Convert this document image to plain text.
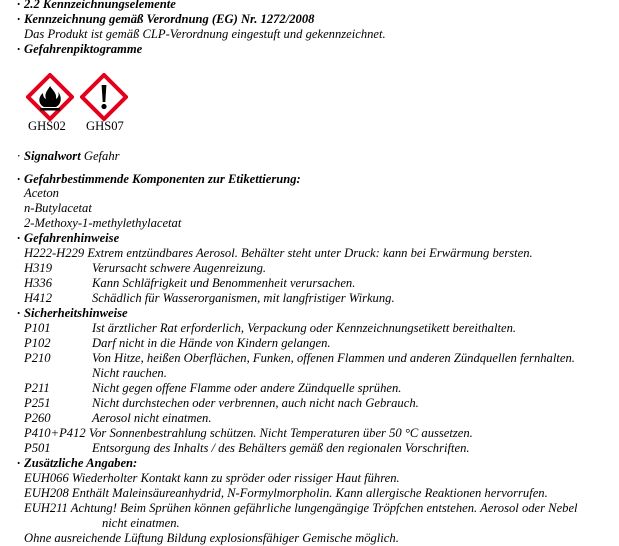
· 2.2 Kennzeichnungselemente
· Kennzeichnung gemäß Verordnung (EG) Nr. 1272/2008
Das Produkt ist gemäß CLP-Verordnung eingestuft und gekennzeichnet.
· Gefahrenpiktogramme
GHS02 GHS07
· Signalwort Gefahr
· Gefahrbestimmende Komponenten zur Etikettierung:
Aceton
n-Butylacetat
2-Methoxy-1-methylethylacetat
· Gefahrenhinweise
H222-H229 Extrem entzündbares Aerosol. Behälter steht unter Druck: kann bei Erwärmung bersten.
H319	Verursacht schwere Augenreizung.
H336	Kann Schläfrigkeit und Benommenheit verursachen.
H412	Schädlich für Wasserorganismen, mit langfristiger Wirkung.
· Sicherheitshinweise
P101	Ist ärztlicher Rat erforderlich, Verpackung oder Kennzeichnungsetikett bereithalten.
P102	Darf nicht in die Hände von Kindern gelangen.
P210	Von Hitze, heißen Oberflächen, Funken, offenen Flammen und anderen Zündquellen fernhalten.
Nicht rauchen.
P211	Nicht gegen offene Flamme oder andere Zündquelle sprühen.
P251	Nicht durchstechen oder verbrennen, auch nicht nach Gebrauch.
P260	Aerosol nicht einatmen.
P410+P412 Vor Sonnenbestrahlung schützen. Nicht Temperaturen über 50 °C aussetzen.
P501	Entsorgung des Inhalts / des Behälters gemäß den regionalen Vorschriften.
· Zusätzliche Angaben:
EUH066 Wiederholter Kontakt kann zu spröder oder rissiger Haut führen.
EUH208 Enthält Maleinsäureanhydrid, N-Formylmorpholin. Kann allergische Reaktionen hervorrufen.
EUH211 Achtung! Beim Sprühen können gefährliche lungengängige Tröpfchen entstehen. Aerosol oder Nebel
nicht einatmen.
Ohne ausreichende Lüftung Bildung explosionsfähiger Gemische möglich.
